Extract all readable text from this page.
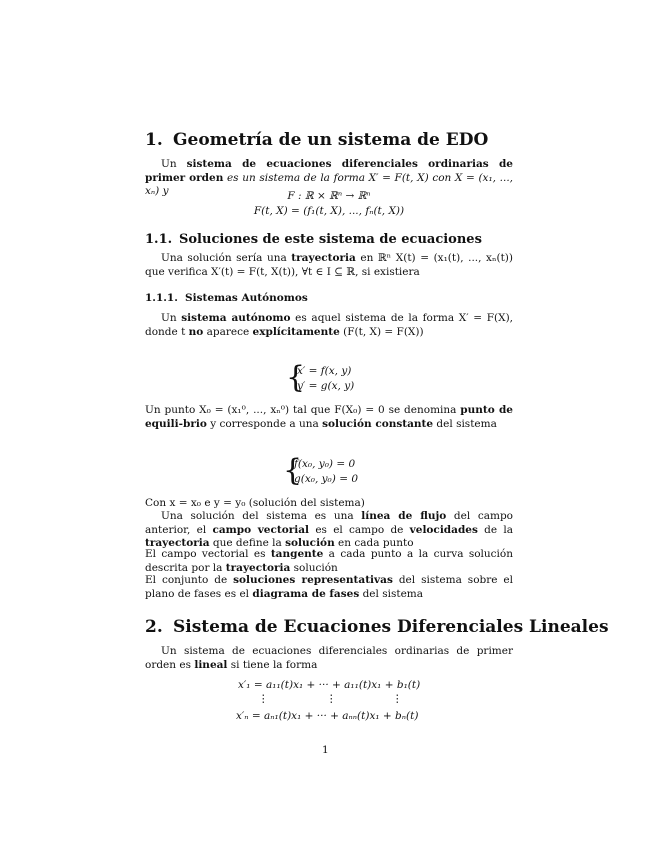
1. Geometría de un sistema de EDO

Un sistema de ecuaciones diferenciales ordinarias de primer orden es un sistema de la forma X′ = F(t, X) con X = (x₁, ..., xₙ) y	F : ℝ × ℝⁿ → ℝⁿ
F(t, X) = (f₁(t, X), ..., fₙ(t, X))
1.1. Soluciones de este sistema de ecuaciones

Una solución sería una trayectoria en ℝⁿ X(t) = (x₁(t), ..., xₙ(t)) que verifica X′(t) = F(t, X(t)), ∀t ∈ I ⊆ ℝ, si existiera

1.1.1. Sistemas Autónomos

Un sistema autónomo es aquel sistema de la forma X′ = F(X), donde t no aparece explícitamente (F(t, X) = F(X))

{
x′ = f(x, y)
y′ = g(x, y)

Un punto X₀ = (x₁⁰, ..., xₙ⁰) tal que F(X₀) = 0 se denomina punto de equili-brio y corresponde a una solución constante del sistema

{
f(x₀, y₀) = 0
g(x₀, y₀) = 0

Con x = x₀ e y = y₀ (solución del sistema)

Una solución del sistema es una línea de flujo del campo anterior, el campo vectorial es el campo de velocidades de la trayectoria que define la solución en cada punto

El campo vectorial es tangente a cada punto a la curva solución descrita por la trayectoria solución

El conjunto de soluciones representativas del sistema sobre el plano de fases es el diagrama de fases del sistema

2. Sistema de Ecuaciones Diferenciales Lineales

Un sistema de ecuaciones diferenciales ordinarias de primer orden es lineal si tiene la forma

x′₁ = a₁₁(t)x₁ + ··· + a₁₁(t)x₁ + b₁(t)
⋮	⋮	⋮
x′ₙ = aₙ₁(t)x₁ + ··· + aₙₙ(t)x₁ + bₙ(t)
1
